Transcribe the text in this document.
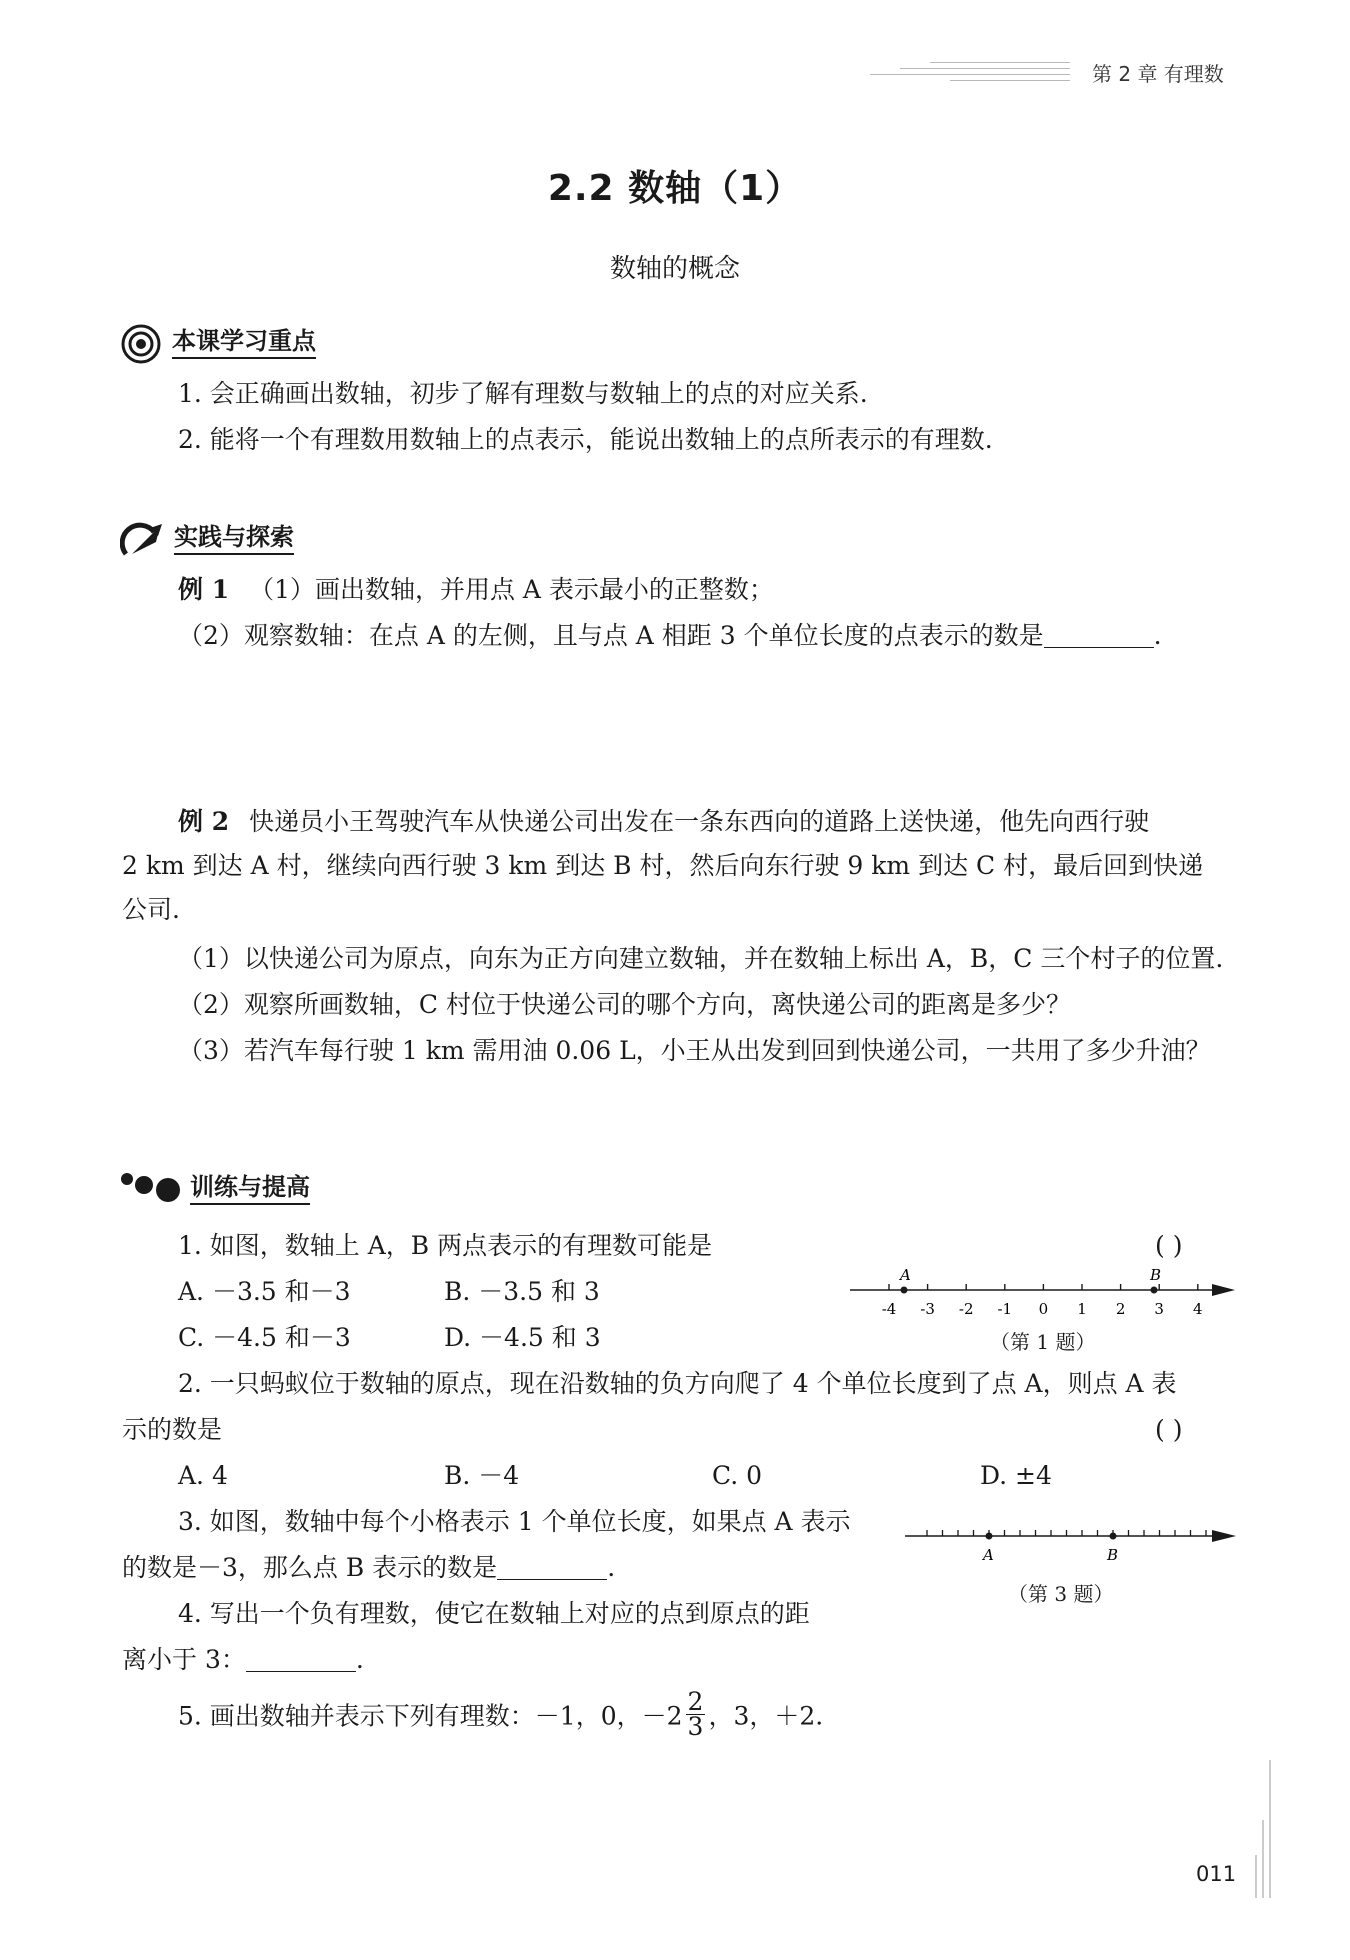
第 2 章 有理数
2.2 数轴（1）
数轴的概念
本课学习重点
1. 会正确画出数轴，初步了解有理数与数轴上的点的对应关系.
2. 能将一个有理数用数轴上的点表示，能说出数轴上的点所表示的有理数.
实践与探索
例 1 （1）画出数轴，并用点 A 表示最小的正整数；
（2）观察数轴：在点 A 的左侧，且与点 A 相距 3 个单位长度的点表示的数是	.
例 2 快递员小王驾驶汽车从快递公司出发在一条东西向的道路上送快递，他先向西行驶
2 km 到达 A 村，继续向西行驶 3 km 到达 B 村，然后向东行驶 9 km 到达 C 村，最后回到快递
公司.
（1）以快递公司为原点，向东为正方向建立数轴，并在数轴上标出 A，B，C 三个村子的位置.
（2）观察所画数轴，C 村位于快递公司的哪个方向，离快递公司的距离是多少？
（3）若汽车每行驶 1 km 需用油 0.06 L，小王从出发到回到快递公司，一共用了多少升油？
训练与提高
1. 如图，数轴上 A，B 两点表示的有理数可能是	( )
A. －3.5 和－3	B. －3.5 和 3
C. －4.5 和－3	D. －4.5 和 3
-4 -3 -2 -1 0 1 2 3 4
A	B
（第 1 题）
2. 一只蚂蚁位于数轴的原点，现在沿数轴的负方向爬了 4 个单位长度到了点 A，则点 A 表
示的数是	( )
A. 4	B. －4	C. 0	D. ±4
3. 如图，数轴中每个小格表示 1 个单位长度，如果点 A 表示
的数是－3，那么点 B 表示的数是	.	A	B
（第 3 题）
4. 写出一个负有理数，使它在数轴上对应的点到原点的距
离小于 3：	.
5. 画出数轴并表示下列有理数：－1，0，$-2 \frac{2}{3}$ ，3，＋2.
011
